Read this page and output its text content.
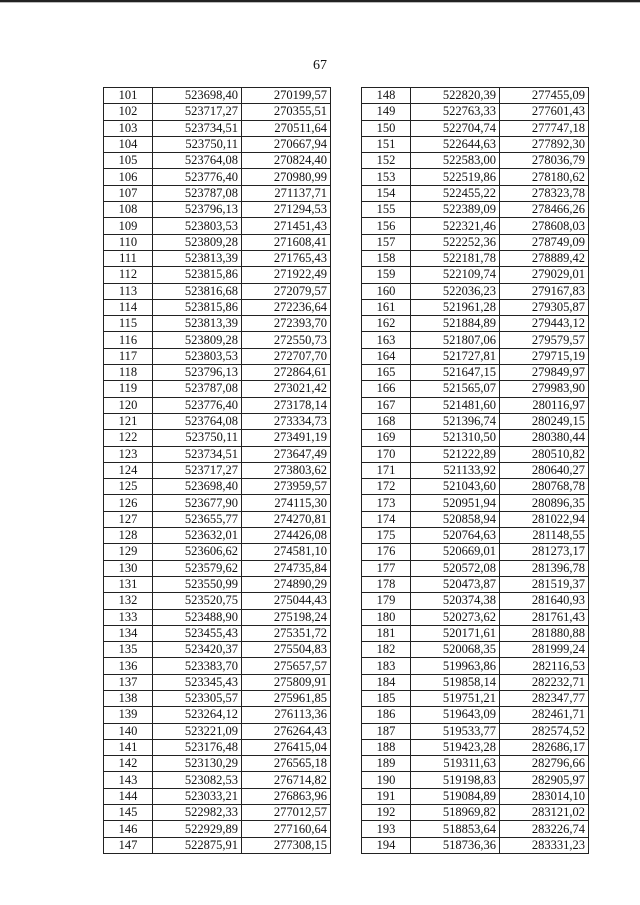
67
101	523698,40	270199,57
102	523717,27	270355,51
103	523734,51	270511,64
104	523750,11	270667,94
105	523764,08	270824,40
106	523776,40	270980,99
107	523787,08	271137,71
108	523796,13	271294,53
109	523803,53	271451,43
110	523809,28	271608,41
111	523813,39	271765,43
112	523815,86	271922,49
113	523816,68	272079,57
114	523815,86	272236,64
115	523813,39	272393,70
116	523809,28	272550,73
117	523803,53	272707,70
118	523796,13	272864,61
119	523787,08	273021,42
120	523776,40	273178,14
121	523764,08	273334,73
122	523750,11	273491,19
123	523734,51	273647,49
124	523717,27	273803,62
125	523698,40	273959,57
126	523677,90	274115,30
127	523655,77	274270,81
128	523632,01	274426,08
129	523606,62	274581,10
130	523579,62	274735,84
131	523550,99	274890,29
132	523520,75	275044,43
133	523488,90	275198,24
134	523455,43	275351,72
135	523420,37	275504,83
136	523383,70	275657,57
137	523345,43	275809,91
138	523305,57	275961,85
139	523264,12	276113,36
140	523221,09	276264,43
141	523176,48	276415,04
142	523130,29	276565,18
143	523082,53	276714,82
144	523033,21	276863,96
145	522982,33	277012,57
146	522929,89	277160,64
147	522875,91	277308,15
148	522820,39	277455,09
149	522763,33	277601,43
150	522704,74	277747,18
151	522644,63	277892,30
152	522583,00	278036,79
153	522519,86	278180,62
154	522455,22	278323,78
155	522389,09	278466,26
156	522321,46	278608,03
157	522252,36	278749,09
158	522181,78	278889,42
159	522109,74	279029,01
160	522036,23	279167,83
161	521961,28	279305,87
162	521884,89	279443,12
163	521807,06	279579,57
164	521727,81	279715,19
165	521647,15	279849,97
166	521565,07	279983,90
167	521481,60	280116,97
168	521396,74	280249,15
169	521310,50	280380,44
170	521222,89	280510,82
171	521133,92	280640,27
172	521043,60	280768,78
173	520951,94	280896,35
174	520858,94	281022,94
175	520764,63	281148,55
176	520669,01	281273,17
177	520572,08	281396,78
178	520473,87	281519,37
179	520374,38	281640,93
180	520273,62	281761,43
181	520171,61	281880,88
182	520068,35	281999,24
183	519963,86	282116,53
184	519858,14	282232,71
185	519751,21	282347,77
186	519643,09	282461,71
187	519533,77	282574,52
188	519423,28	282686,17
189	519311,63	282796,66
190	519198,83	282905,97
191	519084,89	283014,10
192	518969,82	283121,02
193	518853,64	283226,74
194	518736,36	283331,23
